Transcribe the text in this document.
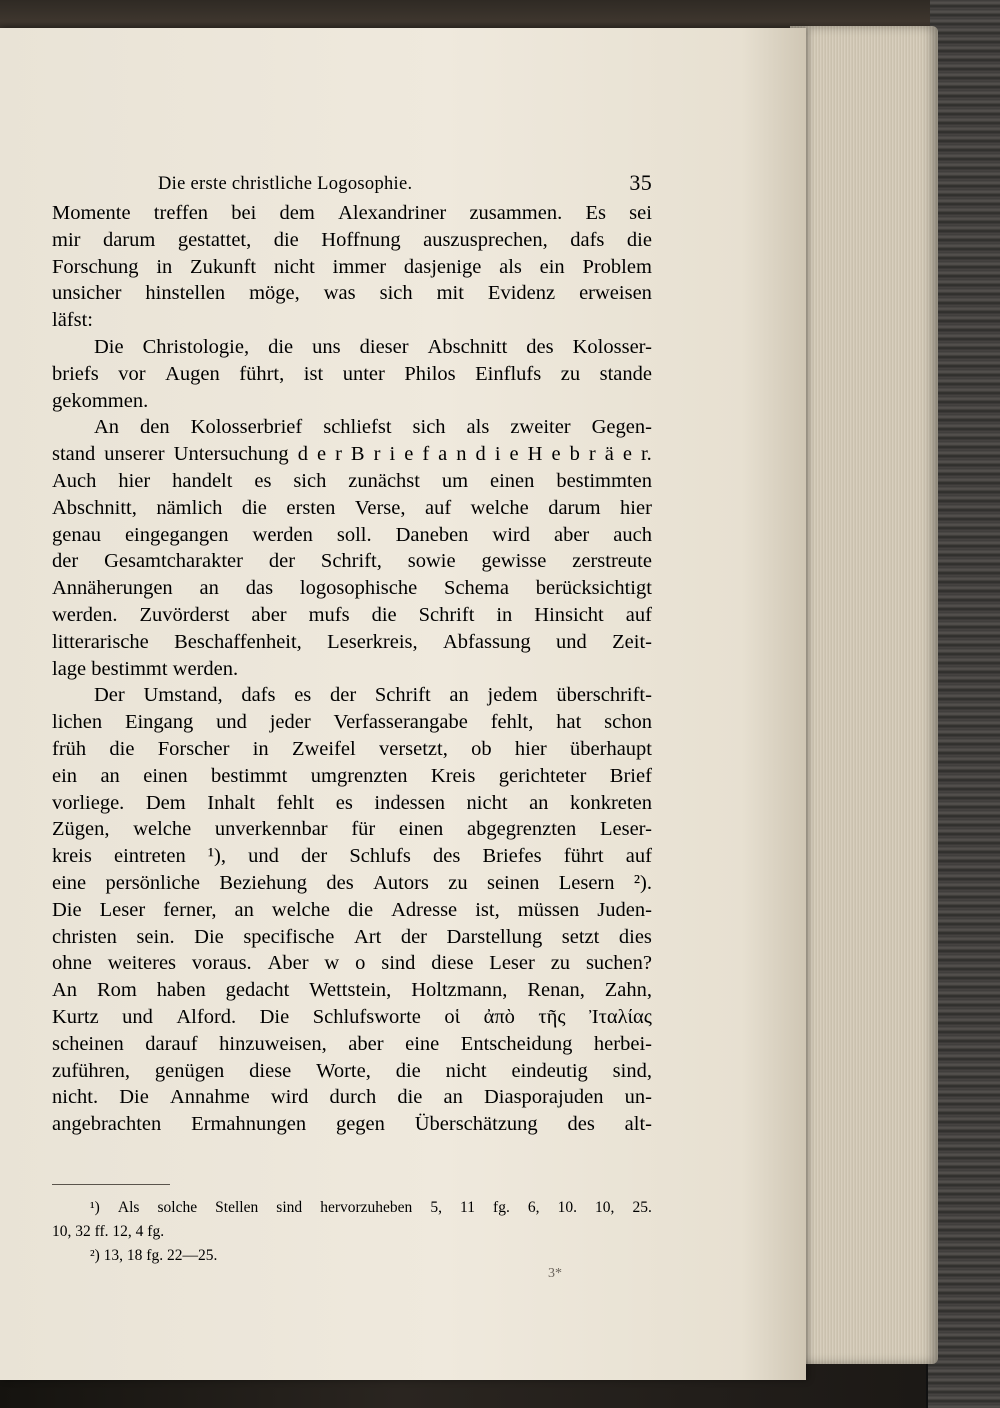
Die erste christliche Logosophie.	35
Momente treffen bei dem Alexandriner zusammen. Es sei
mir darum gestattet, die Hoffnung auszusprechen, dafs die
Forschung in Zukunft nicht immer dasjenige als ein Problem
unsicher hinstellen möge, was sich mit Evidenz erweisen
läfst:
Die Christologie, die uns dieser Abschnitt des Kolosser-
briefs vor Augen führt, ist unter Philos Einflufs zu stande
gekommen.
An den Kolosserbrief schliefst sich als zweiter Gegen-
stand unserer Untersuchung d e r B r i e f a n d i e H e b r ä e r.
Auch hier handelt es sich zunächst um einen bestimmten
Abschnitt, nämlich die ersten Verse, auf welche darum hier
genau eingegangen werden soll. Daneben wird aber auch
der Gesamtcharakter der Schrift, sowie gewisse zerstreute
Annäherungen an das logosophische Schema berücksichtigt
werden. Zuvörderst aber mufs die Schrift in Hinsicht auf
litterarische Beschaffenheit, Leserkreis, Abfassung und Zeit-
lage bestimmt werden.
Der Umstand, dafs es der Schrift an jedem überschrift-
lichen Eingang und jeder Verfasserangabe fehlt, hat schon
früh die Forscher in Zweifel versetzt, ob hier überhaupt
ein an einen bestimmt umgrenzten Kreis gerichteter Brief
vorliege. Dem Inhalt fehlt es indessen nicht an konkreten
Zügen, welche unverkennbar für einen abgegrenzten Leser-
kreis eintreten ¹), und der Schlufs des Briefes führt auf
eine persönliche Beziehung des Autors zu seinen Lesern ²).
Die Leser ferner, an welche die Adresse ist, müssen Juden-
christen sein. Die specifische Art der Darstellung setzt dies
ohne weiteres voraus. Aber w o sind diese Leser zu suchen?
An Rom haben gedacht Wettstein, Holtzmann, Renan, Zahn,
Kurtz und Alford. Die Schlufsworte οἱ ἀπὸ τῆς Ἰταλίας
scheinen darauf hinzuweisen, aber eine Entscheidung herbei-
zuführen, genügen diese Worte, die nicht eindeutig sind,
nicht. Die Annahme wird durch die an Diasporajuden un-
angebrachten Ermahnungen gegen Überschätzung des alt-
¹) Als solche Stellen sind hervorzuheben 5, 11 fg. 6, 10. 10, 25.
10, 32 ff. 12, 4 fg.
²) 13, 18 fg. 22—25.
3*
